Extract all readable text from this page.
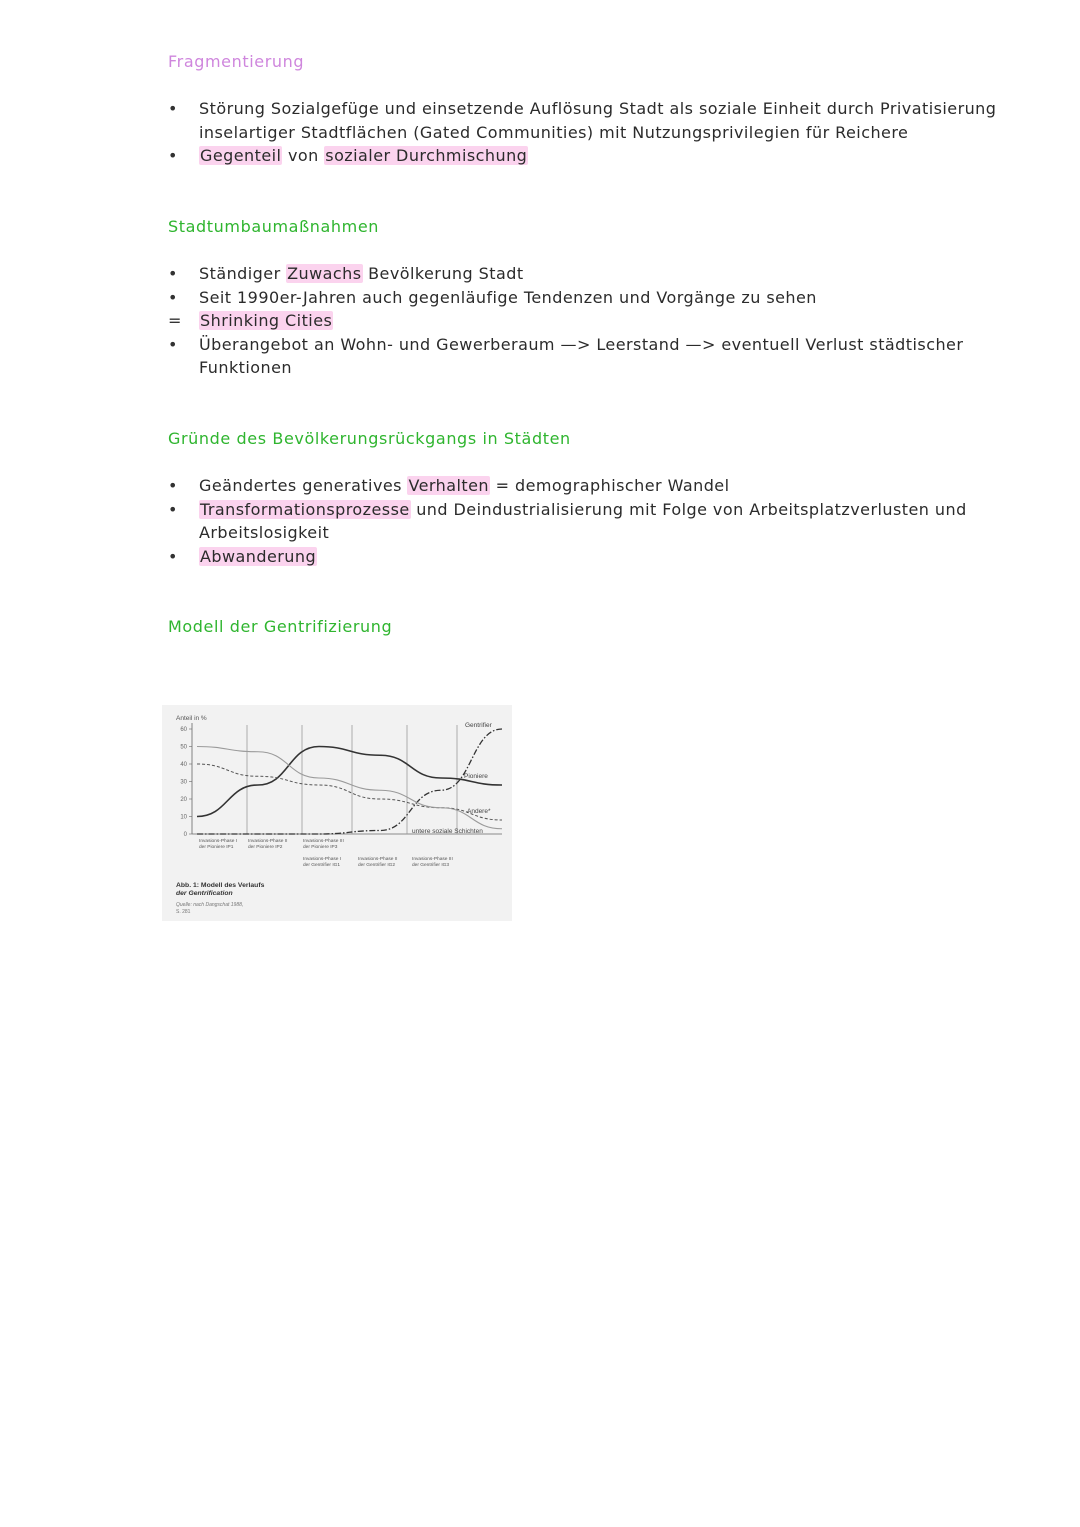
Fragmentierung
• Störung Sozialgefüge und einsetzende Auflösung Stadt als soziale Einheit durch Privatisierung inselartiger Stadtflächen (Gated Communities) mit Nutzungsprivilegien für Reichere
• Gegenteil von sozialer Durchmischung
Stadtumbaumaßnahmen
• Ständiger Zuwachs Bevölkerung Stadt
• Seit 1990er-Jahren auch gegenläufige Tendenzen und Vorgänge zu sehen
= Shrinking Cities
• Überangebot an Wohn- und Gewerberaum —> Leerstand —> eventuell Verlust städtischer Funktionen
Gründe des Bevölkerungsrückgangs in Städten
• Geändertes generatives Verhalten = demographischer Wandel
• Transformationsprozesse und Deindustrialisierung mit Folge von Arbeitsplatzverlusten und Arbeitslosigkeit
• Abwanderung
Modell der Gentrifizierung
Anteil in %
0
10
20
30
40
50
60
Gentrifier
Pioniere
Andere*
untere soziale Schichten
Invasions-Phase I
der Pioniere IP1
Invasions-Phase II
der Pioniere IP2
Invasions-Phase III
der Pioniere IP3
Invasions-Phase I
der Gentrifier IG1
Invasions-Phase II
der Gentrifier IG2
Invasions-Phase III
der Gentrifier IG3
Abb. 1: Modell des Verlaufs
der Gentrification
Quelle: nach Dangschat 1988,
S. 281
